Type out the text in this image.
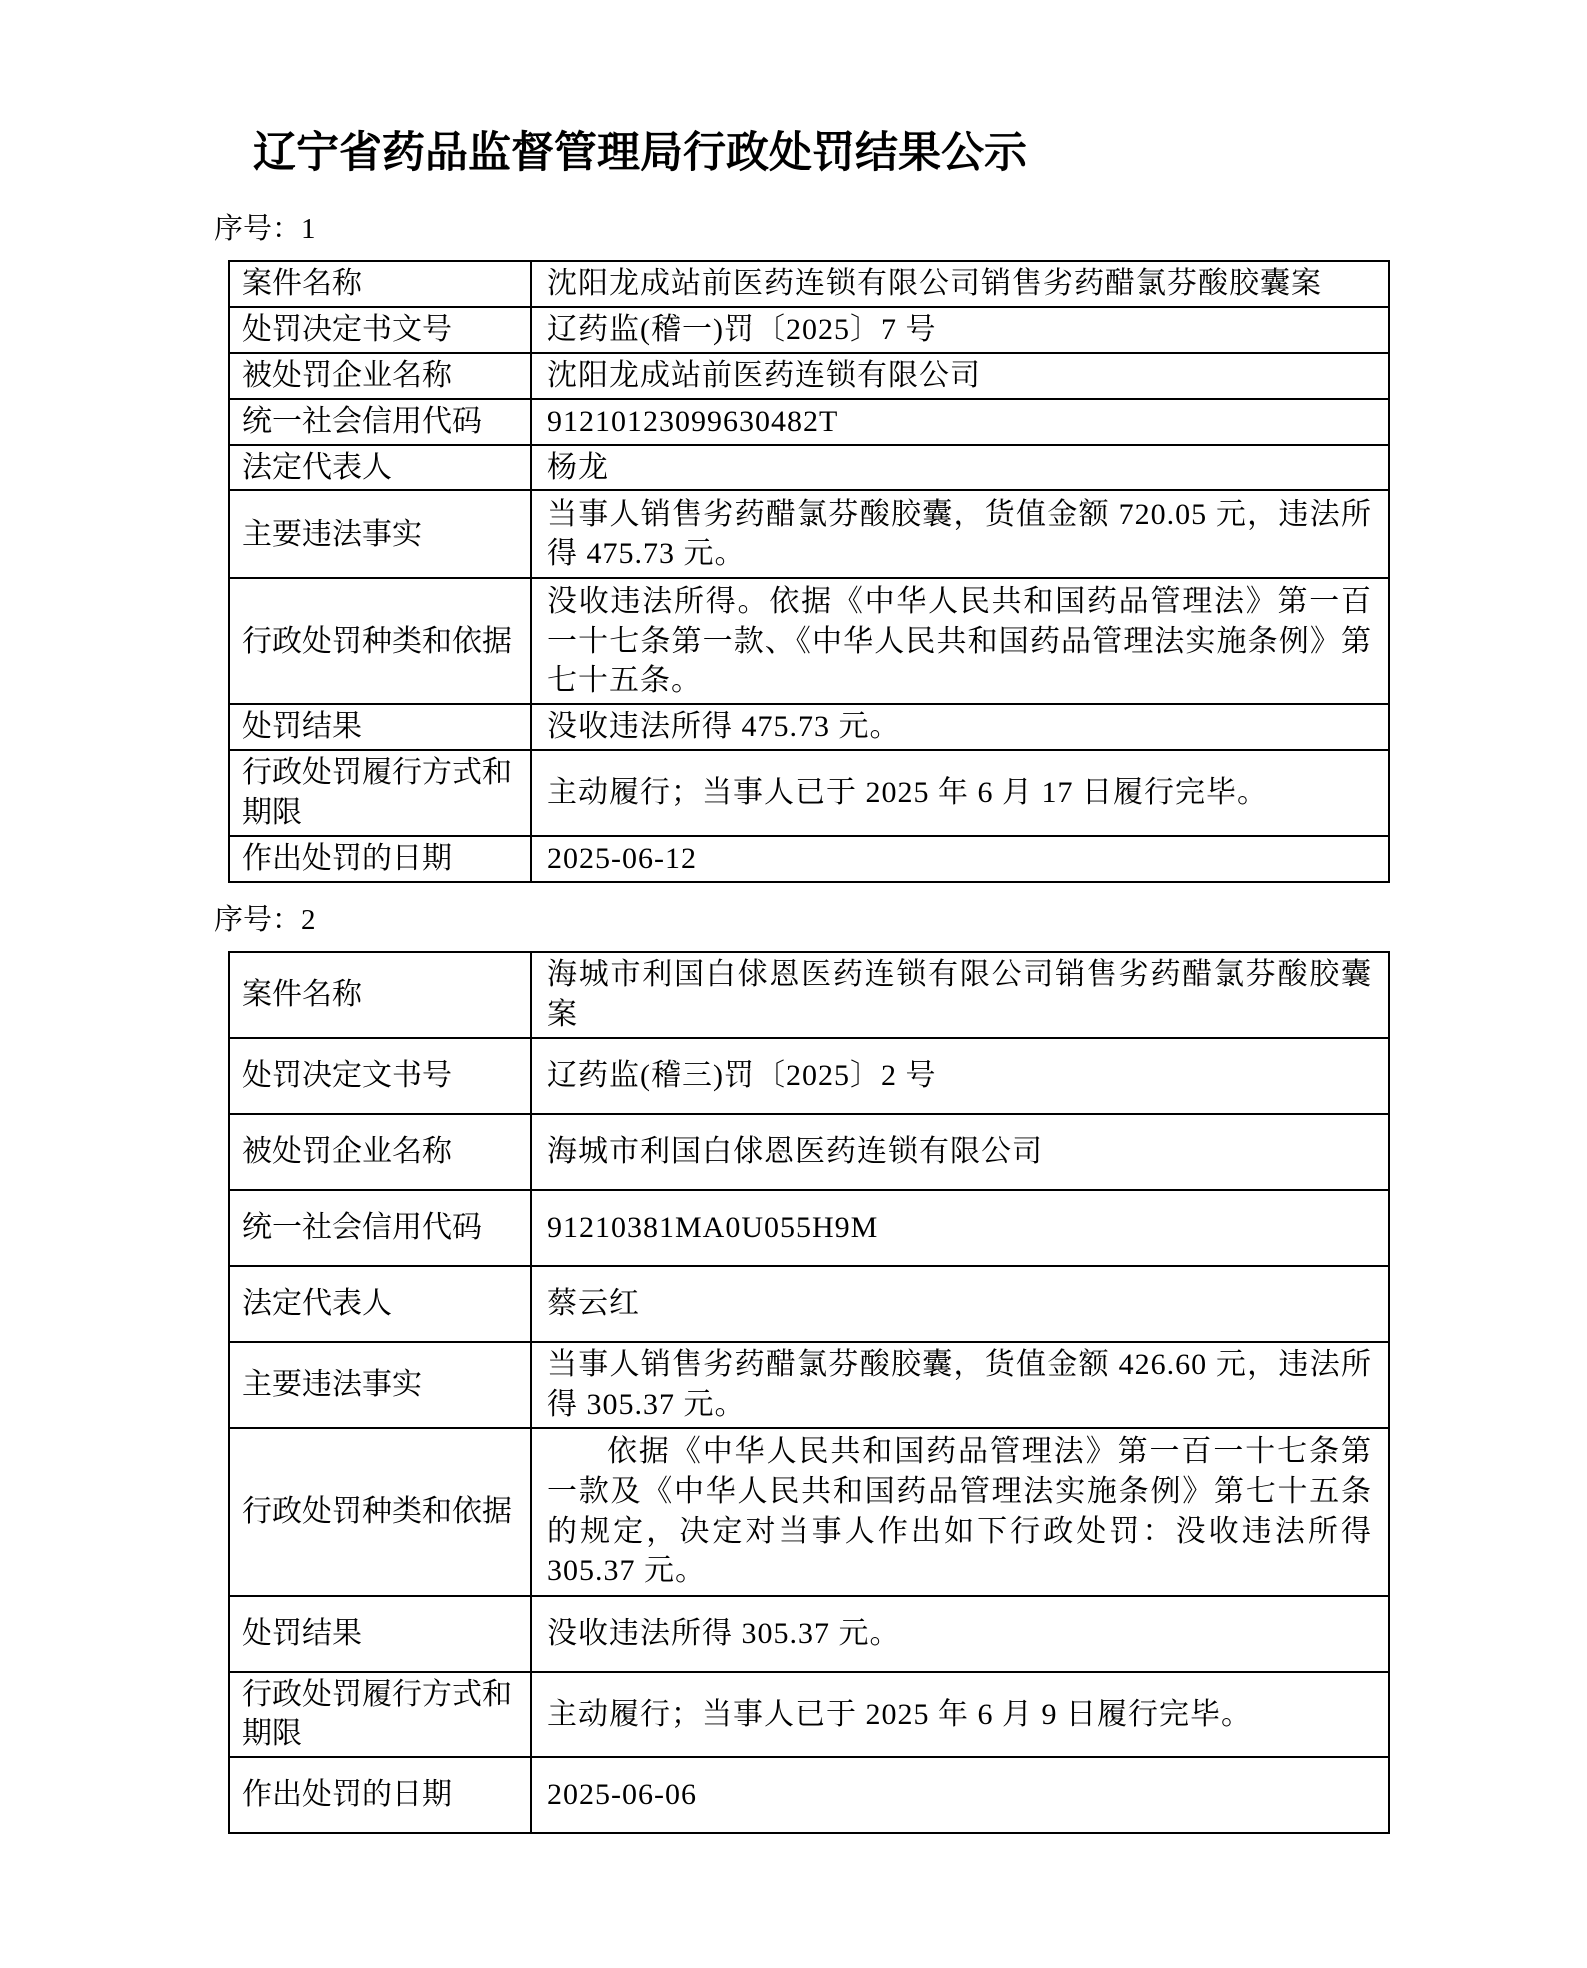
辽宁省药品监督管理局行政处罚结果公示
序号：1
案件名称	沈阳龙成站前医药连锁有限公司销售劣药醋氯芬酸胶囊案
处罚决定书文号	辽药监(稽一)罚〔2025〕7 号
被处罚企业名称	沈阳龙成站前医药连锁有限公司
统一社会信用代码	91210123099630482T
法定代表人	杨龙
主要违法事实	当事人销售劣药醋氯芬酸胶囊，货值金额 720.05 元，违法所得 475.73 元。
行政处罚种类和依据	没收违法所得。依据《中华人民共和国药品管理法》第一百一十七条第一款、《中华人民共和国药品管理法实施条例》第七十五条。
处罚结果	没收违法所得 475.73 元。
行政处罚履行方式和期限	主动履行；当事人已于 2025 年 6 月 17 日履行完毕。
作出处罚的日期	2025-06-12
序号：2
案件名称	海城市利国白俅恩医药连锁有限公司销售劣药醋氯芬酸胶囊案
处罚决定文书号	辽药监(稽三)罚〔2025〕2 号
被处罚企业名称	海城市利国白俅恩医药连锁有限公司
统一社会信用代码	91210381MA0U055H9M
法定代表人	蔡云红
主要违法事实	当事人销售劣药醋氯芬酸胶囊，货值金额 426.60 元，违法所得 305.37 元。
行政处罚种类和依据	依据《中华人民共和国药品管理法》第一百一十七条第一款及《中华人民共和国药品管理法实施条例》第七十五条的规定，决定对当事人作出如下行政处罚：没收违法所得 305.37 元。
处罚结果	没收违法所得 305.37 元。
行政处罚履行方式和期限	主动履行；当事人已于 2025 年 6 月 9 日履行完毕。
作出处罚的日期	2025-06-06
